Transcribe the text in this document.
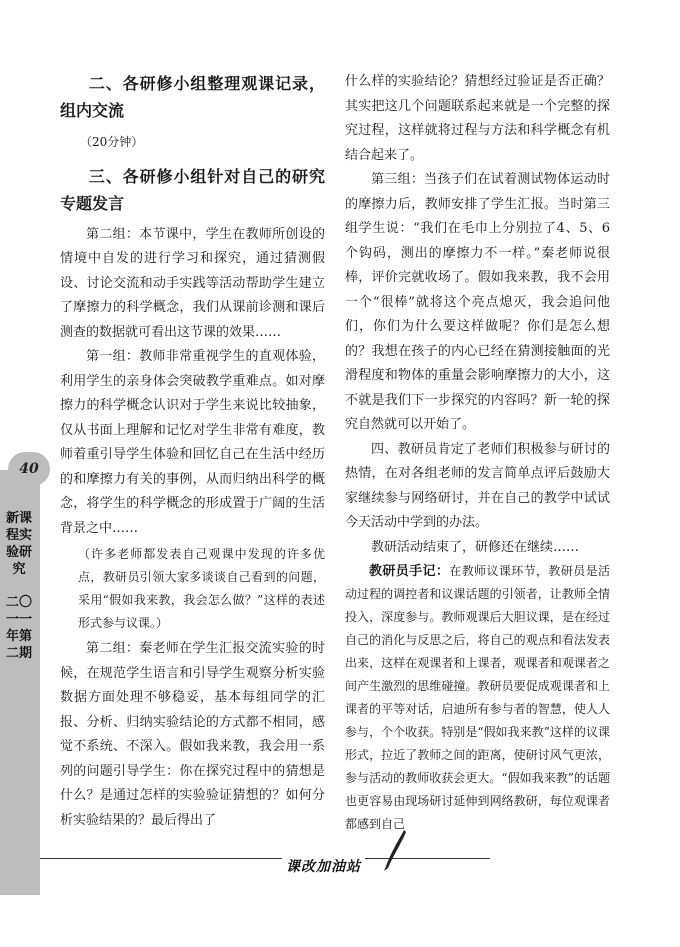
40
新课程实验研究
二〇一一年第二期

二、各研修小组整理观课记录，组内交流

（20分钟）

三、各研修小组针对自己的研究专题发言

第二组：本节课中，学生在教师所创设的情境中自发的进行学习和探究，通过猜测假设、讨论交流和动手实践等活动帮助学生建立了摩擦力的科学概念，我们从课前诊测和课后测查的数据就可看出这节课的效果……

第一组：教师非常重视学生的直观体验，利用学生的亲身体会突破教学重难点。如对摩擦力的科学概念认识对于学生来说比较抽象，仅从书面上理解和记忆对学生非常有难度，教师着重引导学生体验和回忆自己在生活中经历的和摩擦力有关的事例，从而归纳出科学的概念，将学生的科学概念的形成置于广阔的生活背景之中……

（许多老师都发表自己观课中发现的许多优点，教研员引领大家多谈谈自己看到的问题，采用“假如我来教，我会怎么做？”这样的表述形式参与议课。）

第二组：秦老师在学生汇报交流实验的时候，在规范学生语言和引导学生观察分析实验数据方面处理不够稳妥，基本每组同学的汇报、分析、归纳实验结论的方式都不相同，感觉不系统、不深入。假如我来教，我会用一系列的问题引导学生：你在探究过程中的猜想是什么？是通过怎样的实验验证猜想的？如何分析实验结果的？最后得出了

什么样的实验结论？猜想经过验证是否正确？其实把这几个问题联系起来就是一个完整的探究过程，这样就将过程与方法和科学概念有机结合起来了。

第三组：当孩子们在试着测试物体运动时的摩擦力后，教师安排了学生汇报。当时第三组学生说：“我们在毛巾上分别拉了4、5、6个钩码，测出的摩擦力不一样。”秦老师说很棒，评价完就收场了。假如我来教，我不会用一个“很棒”就将这个亮点熄灭，我会追问他们，你们为什么要这样做呢？你们是怎么想的？我想在孩子的内心已经在猜测接触面的光滑程度和物体的重量会影响摩擦力的大小，这不就是我们下一步探究的内容吗？新一轮的探究自然就可以开始了。

四、教研员肯定了老师们积极参与研讨的热情，在对各组老师的发言简单点评后鼓励大家继续参与网络研讨，并在自己的教学中试试今天活动中学到的办法。

教研活动结束了，研修还在继续……

教研员手记：在教师议课环节，教研员是活动过程的调控者和议课话题的引领者，让教师全情投入，深度参与。教师观课后大胆议课，是在经过自己的消化与反思之后，将自己的观点和看法发表出来，这样在观课者和上课者，观课者和观课者之间产生激烈的思维碰撞。教研员要促成观课者和上课者的平等对话，启迪所有参与者的智慧，使人人参与，个个收获。特别是“假如我来教”这样的议课形式，拉近了教师之间的距离，使研讨风气更浓，参与活动的教师收获会更大。“假如我来教”的话题也更容易由现场研讨延伸到网络教研，每位观课者都感到自己

课改加油站
